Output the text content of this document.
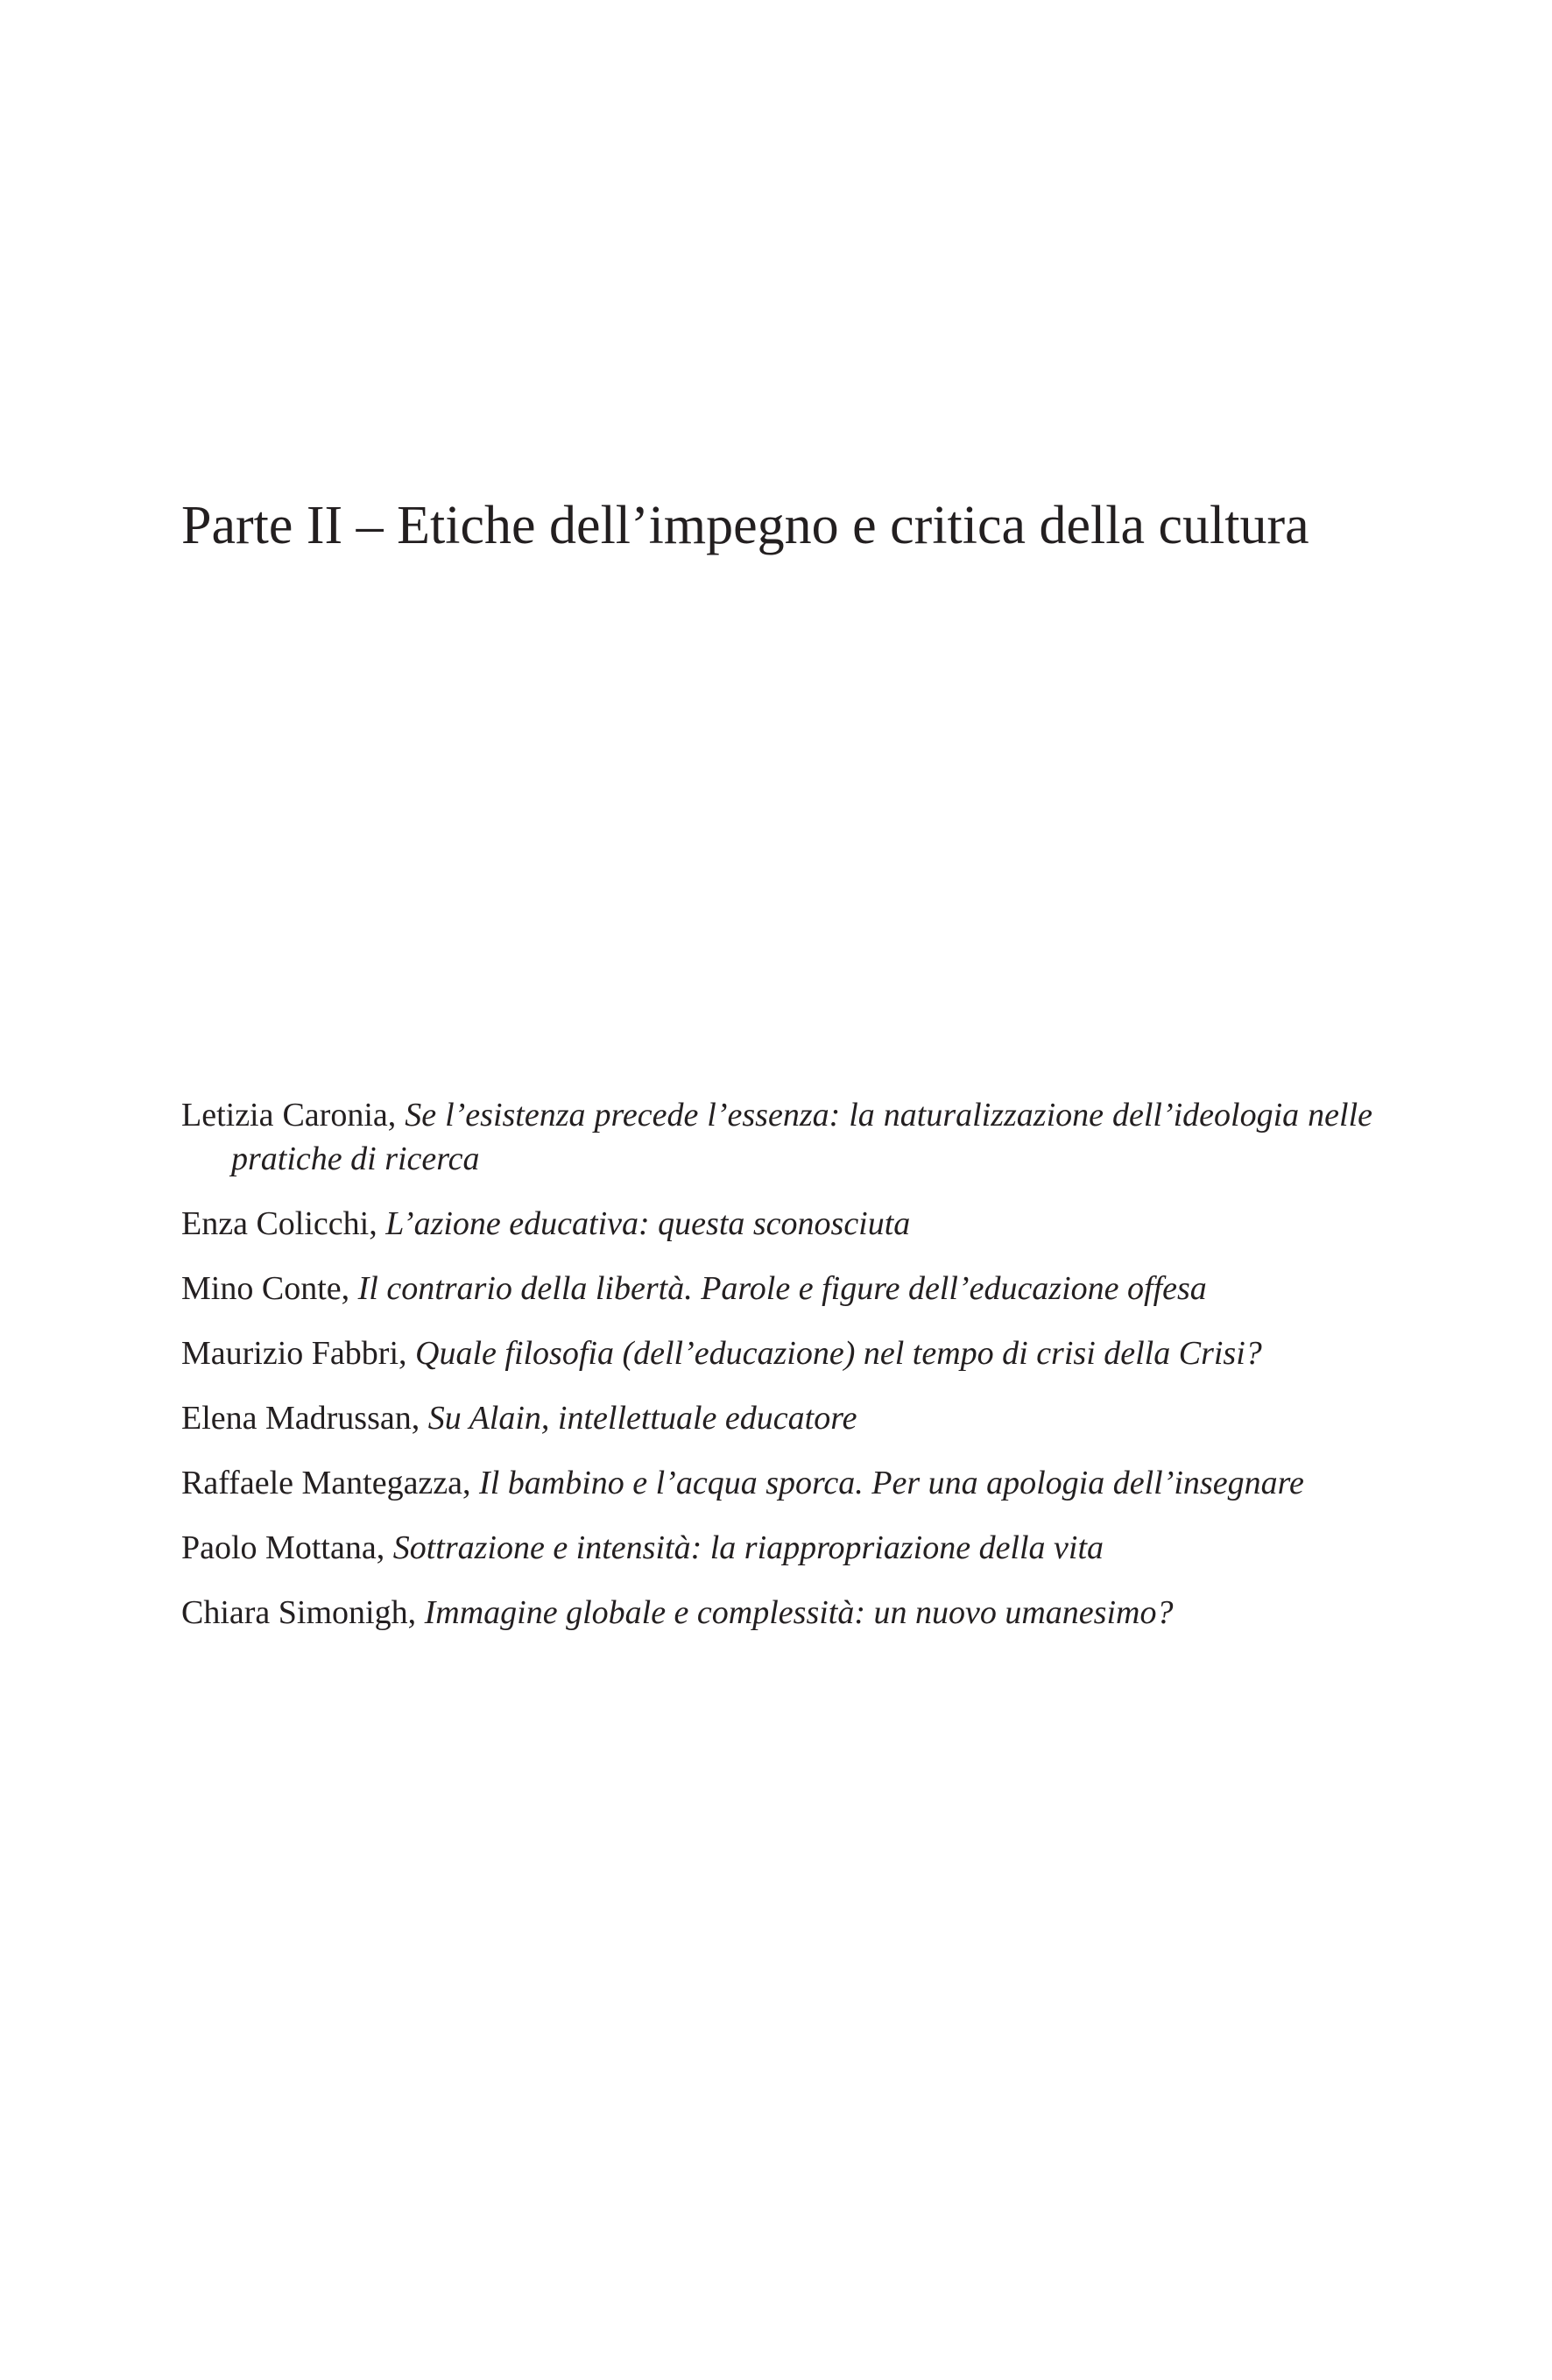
Parte II – Etiche dell’impegno e critica della cultura
Letizia Caronia, Se l’esistenza precede l’essenza: la naturalizzazione dell’ideologia nelle pratiche di ricerca
Enza Colicchi, L’azione educativa: questa sconosciuta
Mino Conte, Il contrario della libertà. Parole e figure dell’educazione offesa
Maurizio Fabbri, Quale filosofia (dell’educazione) nel tempo di crisi della Crisi?
Elena Madrussan, Su Alain, intellettuale educatore
Raffaele Mantegazza, Il bambino e l’acqua sporca. Per una apologia dell’insegnare
Paolo Mottana, Sottrazione e intensità: la riappropriazione della vita
Chiara Simonigh, Immagine globale e complessità: un nuovo umanesimo?
